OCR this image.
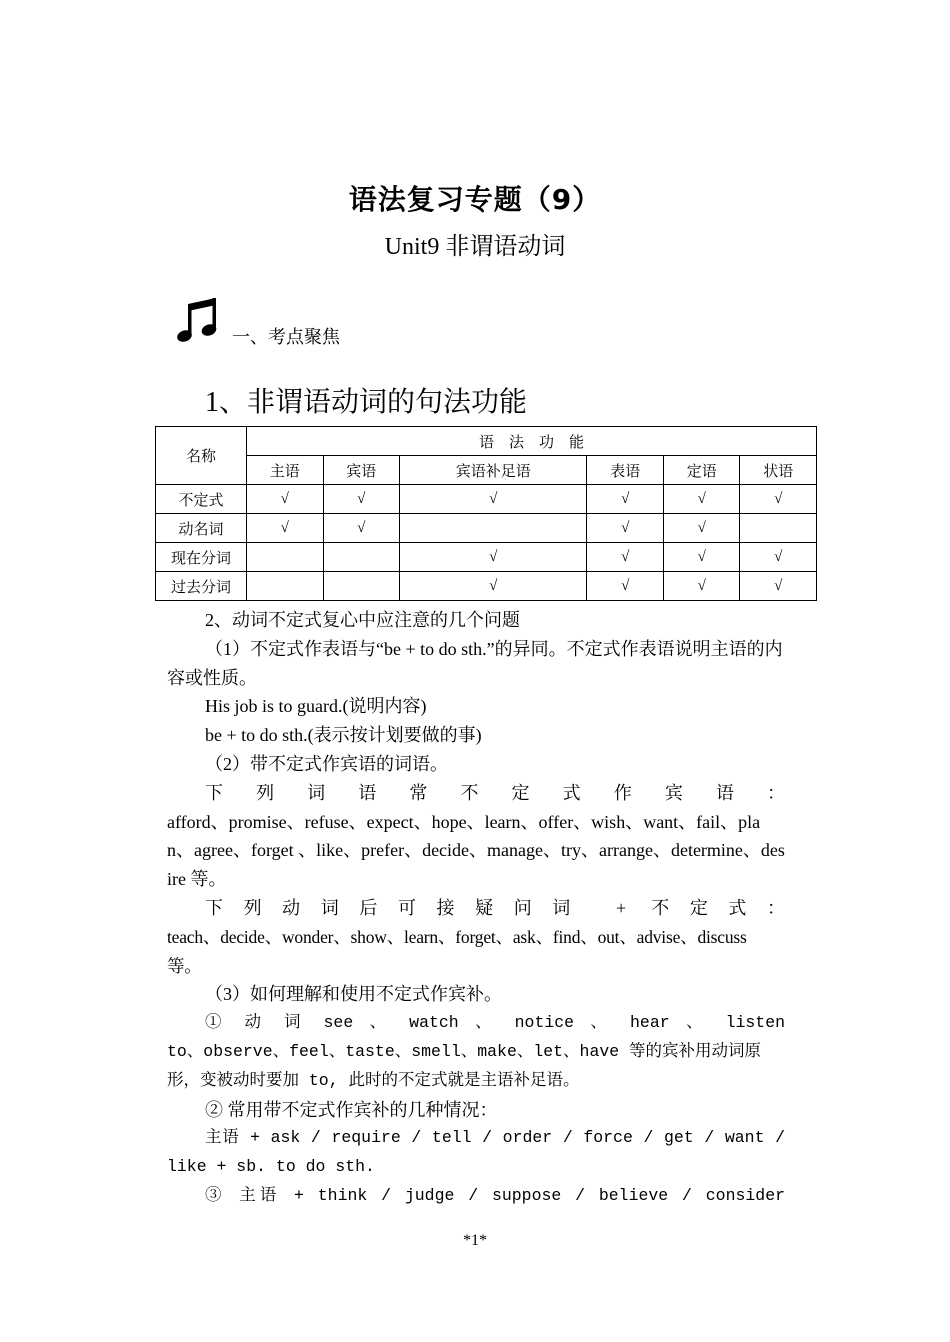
语法复习专题（9）
Unit9 非谓语动词
一、考点聚焦
1、非谓语动词的句法功能
名称	语　法　功　能					
	主语	宾语	宾语补足语	表语	定语	状语
不定式	√	√	√	√	√	√
动名词	√	√		√	√	
现在分词			√	√	√	√
过去分词			√	√	√	√

2、动词不定式复心中应注意的几个问题

（1）不定式作表语与“be + to do sth.”的异同。不定式作表语说明主语的内容或性质。

His job is to guard.(说明内容)

be + to do sth.(表示按计划要做的事)

（2）带不定式作宾语的词语。

下列词语常不定式作宾语：

afford、promise、refuse、expect、hope、learn、offer、wish、want、fail、plan、agree、forget 、like、prefer、decide、manage、try、arrange、determine、desire 等。

下列动词后可接疑问词 + 不定式：

teach、decide、wonder、show、learn、forget、ask、find、out、advise、discuss 等。

（3）如何理解和使用不定式作宾补。

① 动 词 see 、 watch 、 notice 、 hear 、 listen

to、observe、feel、taste、smell、make、let、have 等的宾补用动词原形，变被动时要加 to, 此时的不定式就是主语补足语。

② 常用带不定式作宾补的几种情况：

主语 + ask / require / tell / order / force / get / want / like + sb. to do sth.

③ 主语 + think / judge / suppose / believe / consider

*1*
